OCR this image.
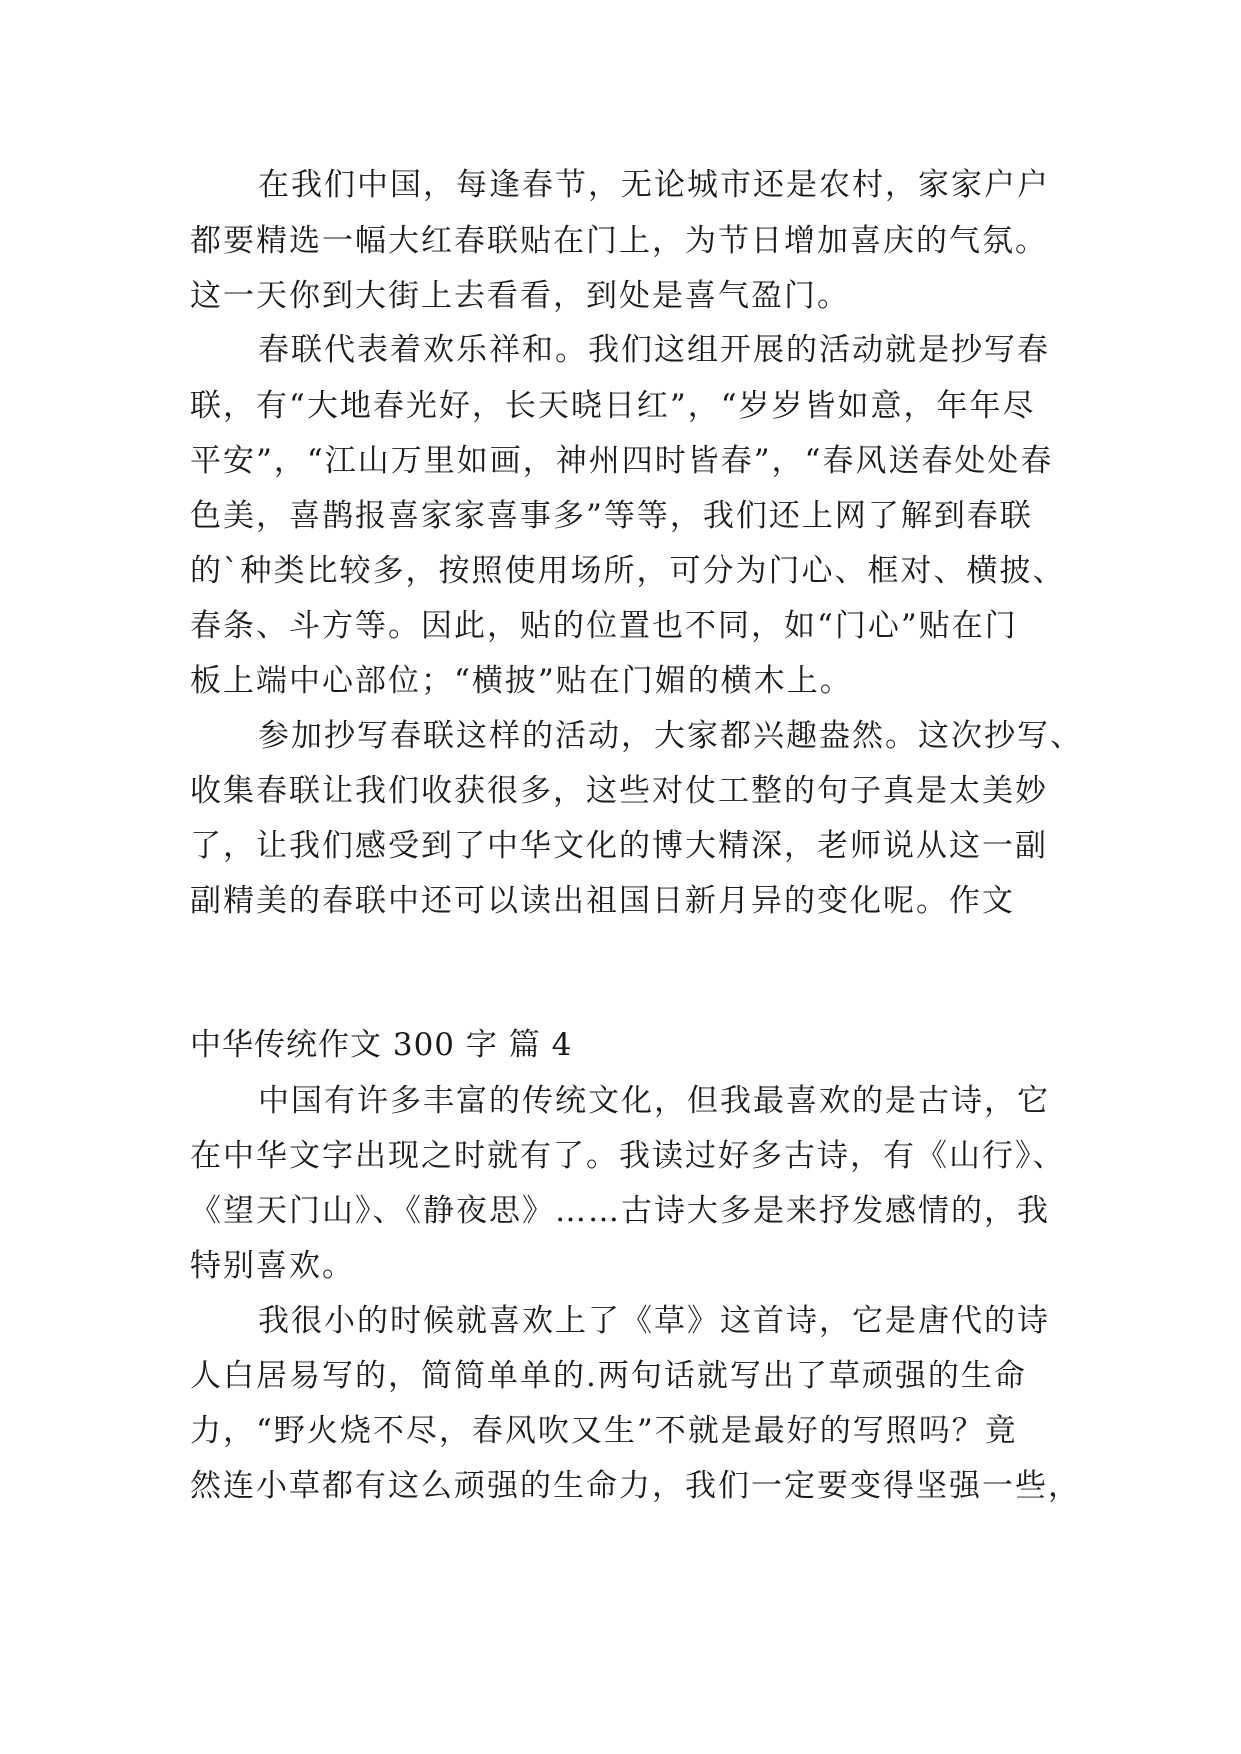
在我们中国，每逢春节，无论城市还是农村，家家户户
都要精选一幅大红春联贴在门上，为节日增加喜庆的气氛。
这一天你到大街上去看看，到处是喜气盈门。
春联代表着欢乐祥和。我们这组开展的活动就是抄写春
联，有“大地春光好，长天晓日红”，“岁岁皆如意，年年尽
平安”，“江山万里如画，神州四时皆春”，“春风送春处处春
色美，喜鹊报喜家家喜事多”等等，我们还上网了解到春联
的`种类比较多，按照使用场所，可分为门心、框对、横披、
春条、斗方等。因此，贴的位置也不同，如“门心”贴在门
板上端中心部位；“横披”贴在门媚的横木上。
参加抄写春联这样的活动，大家都兴趣盎然。这次抄写、
收集春联让我们收获很多，这些对仗工整的句子真是太美妙
了，让我们感受到了中华文化的博大精深，老师说从这一副
副精美的春联中还可以读出祖国日新月异的变化呢。作文
中华传统作文 300 字 篇 4
中国有许多丰富的传统文化，但我最喜欢的是古诗，它
在中华文字出现之时就有了。我读过好多古诗，有《山行》、
《望天门山》、《静夜思》……古诗大多是来抒发感情的，我
特别喜欢。
我很小的时候就喜欢上了《草》这首诗，它是唐代的诗
人白居易写的，简简单单的.两句话就写出了草顽强的生命
力，“野火烧不尽，春风吹又生”不就是最好的写照吗？竟
然连小草都有这么顽强的生命力，我们一定要变得坚强一些，
